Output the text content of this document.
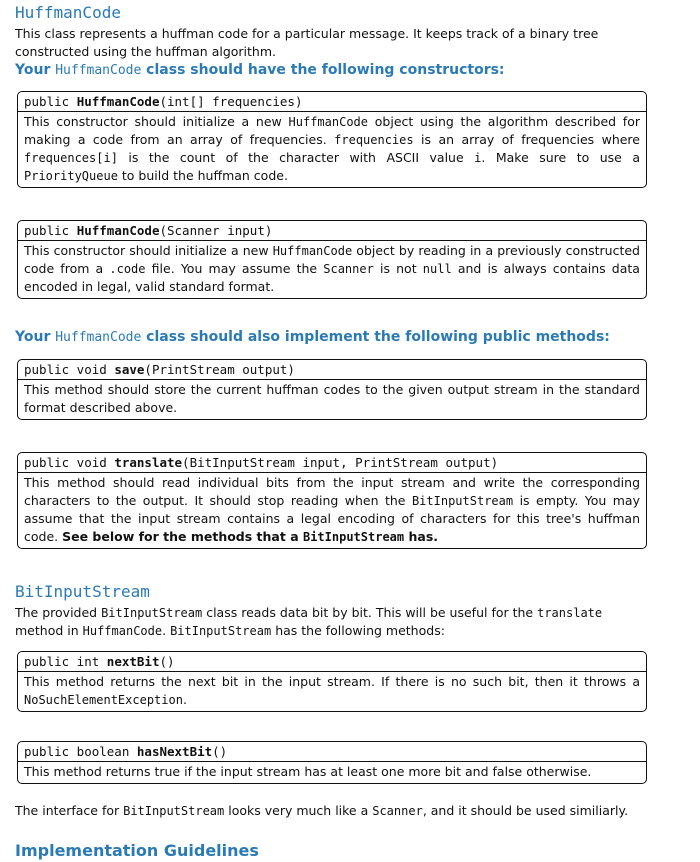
HuffmanCode

This class represents a huffman code for a particular message. It keeps track of a binary tree constructed using the huffman algorithm.

Your HuffmanCode class should have the following constructors:

public HuffmanCode(int[] frequencies)
This constructor should initialize a new HuffmanCode object using the algorithm described for making a code from an array of frequencies. frequencies is an array of frequencies where frequences[i] is the count of the character with ASCII value i. Make sure to use a PriorityQueue to build the huffman code.
public HuffmanCode(Scanner input)
This constructor should initialize a new HuffmanCode object by reading in a previously constructed code from a .code file. You may assume the Scanner is not null and is always contains data encoded in legal, valid standard format.

Your HuffmanCode class should also implement the following public methods:

public void save(PrintStream output)
This method should store the current huffman codes to the given output stream in the standard format described above.
public void translate(BitInputStream input, PrintStream output)
This method should read individual bits from the input stream and write the corresponding characters to the output. It should stop reading when the BitInputStream is empty. You may assume that the input stream contains a legal encoding of characters for this tree's huffman code. See below for the methods that a BitInputStream has.
BitInputStream

The provided BitInputStream class reads data bit by bit. This will be useful for the translate method in HuffmanCode. BitInputStream has the following methods:

public int nextBit()
This method returns the next bit in the input stream. If there is no such bit, then it throws a NoSuchElementException.
public boolean hasNextBit()
This method returns true if the input stream has at least one more bit and false otherwise.

The interface for BitInputStream looks very much like a Scanner, and it should be used similiarly.

Implementation Guidelines
